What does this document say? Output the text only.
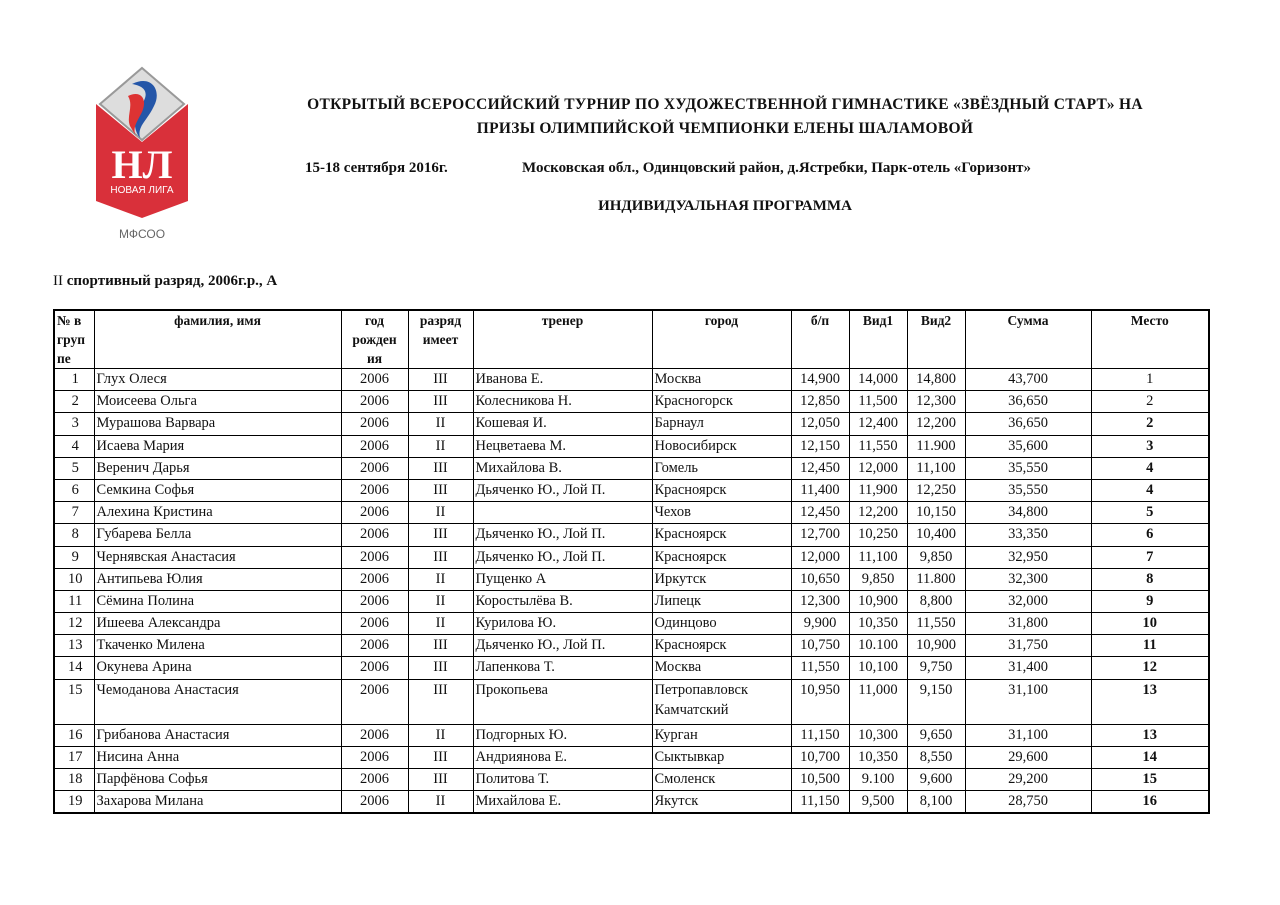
НЛ
НОВАЯ ЛИГА
МФСОО
ОТКРЫТЫЙ ВСЕРОССИЙСКИЙ ТУРНИР ПО ХУДОЖЕСТВЕННОЙ ГИМНАСТИКЕ «ЗВЁЗДНЫЙ СТАРТ» НА
ПРИЗЫ ОЛИМПИЙСКОЙ ЧЕМПИОНКИ ЕЛЕНЫ ШАЛАМОВОЙ
15-18 сентября 2016г.	Московская обл., Одинцовский район, д.Ястребки, Парк-отель «Горизонт»
ИНДИВИДУАЛЬНАЯ ПРОГРАММА
II спортивный разряд, 2006г.р., А
№ в груп пе	фамилия, имя	год рожден ия	разряд имеет	тренер	город	б/п	Вид1	Вид2	Сумма	Место
1	Глух Олеся	2006	III	Иванова Е.	Москва	14,900	14,000	14,800	43,700	1
2	Моисеева Ольга	2006	III	Колесникова Н.	Красногорск	12,850	11,500	12,300	36,650	2
3	Мурашова Варвара	2006	II	Кошевая И.	Барнаул	12,050	12,400	12,200	36,650	2
4	Исаева Мария	2006	II	Нецветаева М.	Новосибирск	12,150	11,550	11.900	35,600	3
5	Веренич Дарья	2006	III	Михайлова В.	Гомель	12,450	12,000	11,100	35,550	4
6	Семкина Софья	2006	III	Дьяченко Ю., Лой П.	Красноярск	11,400	11,900	12,250	35,550	4
7	Алехина Кристина	2006	II		Чехов	12,450	12,200	10,150	34,800	5
8	Губарева Белла	2006	III	Дьяченко Ю., Лой П.	Красноярск	12,700	10,250	10,400	33,350	6
9	Чернявская Анастасия	2006	III	Дьяченко Ю., Лой П.	Красноярск	12,000	11,100	9,850	32,950	7
10	Антипьева Юлия	2006	II	Пущенко А	Иркутск	10,650	9,850	11.800	32,300	8
11	Сёмина Полина	2006	II	Коростылёва В.	Липецк	12,300	10,900	8,800	32,000	9
12	Ишеева Александра	2006	II	Курилова Ю.	Одинцово	9,900	10,350	11,550	31,800	10
13	Ткаченко Милена	2006	III	Дьяченко Ю., Лой П.	Красноярск	10,750	10.100	10,900	31,750	11
14	Окунева Арина	2006	III	Лапенкова Т.	Москва	11,550	10,100	9,750	31,400	12
15	Чемоданова Анастасия	2006	III	Прокопьева	Петропавловск Камчатский	10,950	11,000	9,150	31,100	13
16	Грибанова Анастасия	2006	II	Подгорных Ю.	Курган	11,150	10,300	9,650	31,100	13
17	Нисина Анна	2006	III	Андриянова Е.	Сыктывкар	10,700	10,350	8,550	29,600	14
18	Парфёнова Софья	2006	III	Политова Т.	Смоленск	10,500	9.100	9,600	29,200	15
19	Захарова Милана	2006	II	Михайлова Е.	Якутск	11,150	9,500	8,100	28,750	16
